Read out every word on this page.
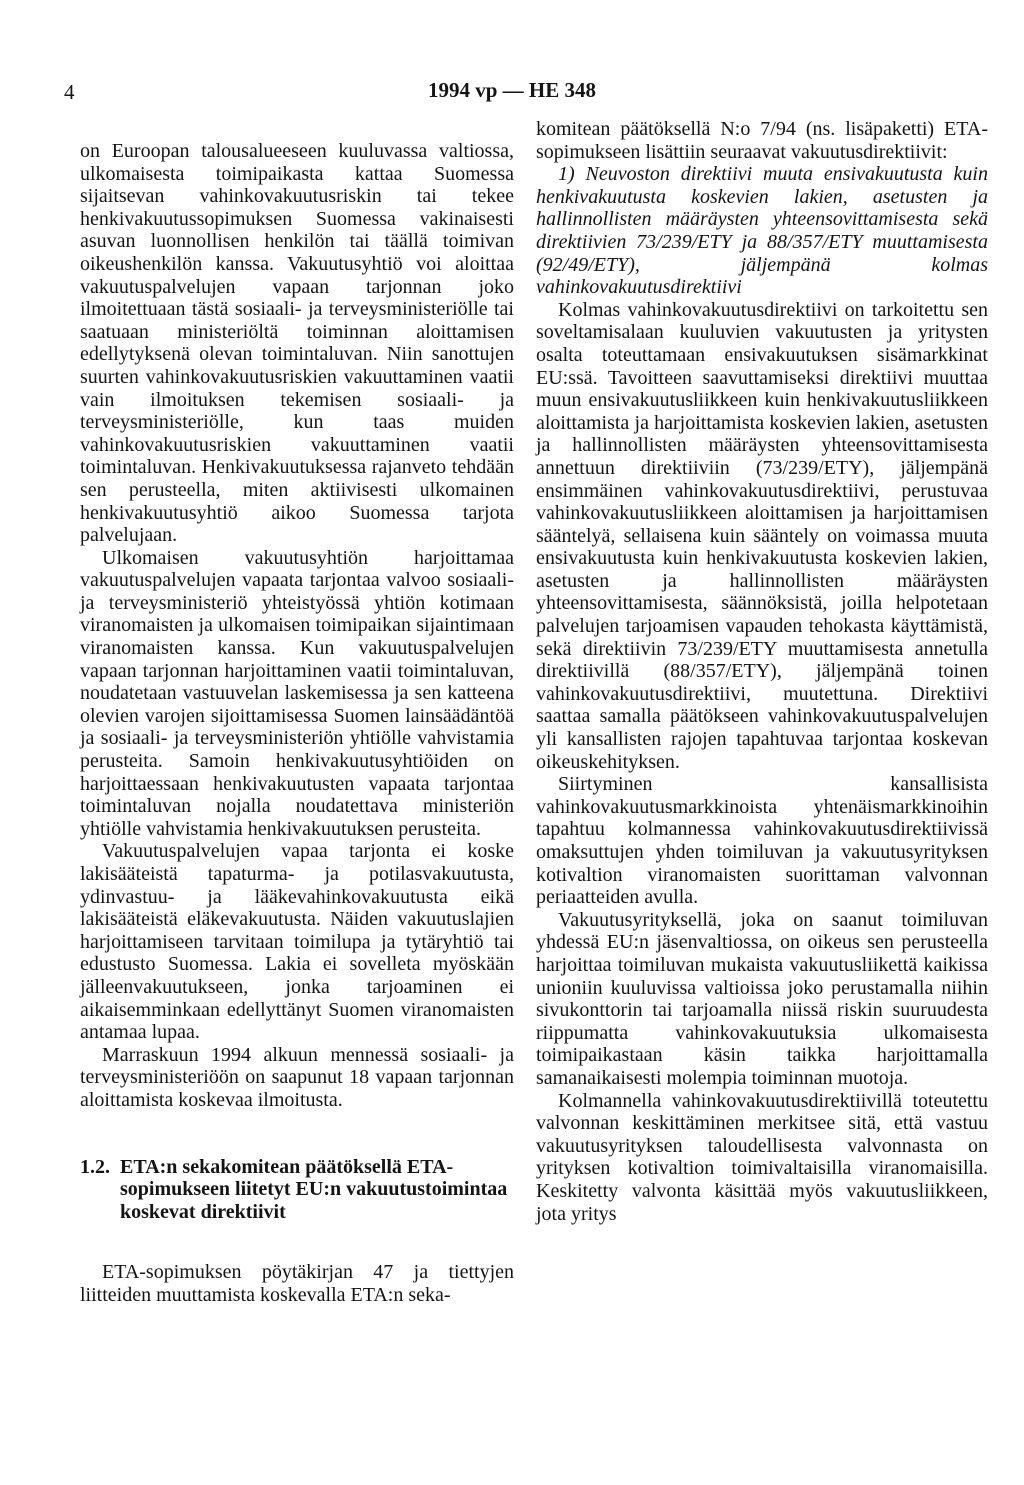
4	1994 vp — HE 348

on Euroopan talousalueeseen kuuluvassa valtiossa, ulkomaisesta toimipaikasta kattaa Suomessa sijaitsevan vahinkovakuutusriskin tai tekee henkivakuutussopimuksen Suomessa vakinaisesti asuvan luonnollisen henkilön tai täällä toimivan oikeushenkilön kanssa. Vakuutusyhtiö voi aloittaa vakuutuspalvelujen vapaan tarjonnan joko ilmoitettuaan tästä sosiaali- ja terveysministeriölle tai saatuaan ministeriöltä toiminnan aloittamisen edellytyksenä olevan toimintaluvan. Niin sanottujen suurten vahinkovakuutusriskien vakuuttaminen vaatii vain ilmoituksen tekemisen sosiaali- ja terveysministeriölle, kun taas muiden vahinkovakuutusriskien vakuuttaminen vaatii toimintaluvan. Henkivakuutuksessa rajanveto tehdään sen perusteella, miten aktiivisesti ulkomainen henkivakuutusyhtiö aikoo Suomessa tarjota palvelujaan.

Ulkomaisen vakuutusyhtiön harjoittamaa vakuutuspalvelujen vapaata tarjontaa valvoo sosiaali- ja terveysministeriö yhteistyössä yhtiön kotimaan viranomaisten ja ulkomaisen toimipaikan sijaintimaan viranomaisten kanssa. Kun vakuutuspalvelujen vapaan tarjonnan harjoittaminen vaatii toimintaluvan, noudatetaan vastuuvelan laskemisessa ja sen katteena olevien varojen sijoittamisessa Suomen lainsäädäntöä ja sosiaali- ja terveysministeriön yhtiölle vahvistamia perusteita. Samoin henkivakuutusyhtiöiden on harjoittaessaan henkivakuutusten vapaata tarjontaa toimintaluvan nojalla noudatettava ministeriön yhtiölle vahvistamia henkivakuutuksen perusteita.

Vakuutuspalvelujen vapaa tarjonta ei koske lakisääteistä tapaturma- ja potilasvakuutusta, ydinvastuu- ja lääkevahinkovakuutusta eikä lakisääteistä eläkevakuutusta. Näiden vakuutuslajien harjoittamiseen tarvitaan toimilupa ja tytäryhtiö tai edustusto Suomessa. Lakia ei sovelleta myöskään jälleenvakuutukseen, jonka tarjoaminen ei aikaisemminkaan edellyttänyt Suomen viranomaisten antamaa lupaa.

Marraskuun 1994 alkuun mennessä sosiaali- ja terveysministeriöön on saapunut 18 vapaan tarjonnan aloittamista koskevaa ilmoitusta.

1.2. ETA:n sekakomitean päätöksellä ETA-sopimukseen liitetyt EU:n vakuutustoimintaa koskevat direktiivit

ETA-sopimuksen pöytäkirjan 47 ja tiettyjen liitteiden muuttamista koskevalla ETA:n seka-

komitean päätöksellä N:o 7/94 (ns. lisäpaketti) ETA-sopimukseen lisättiin seuraavat vakuutusdirektiivit:

1) Neuvoston direktiivi muuta ensivakuutusta kuin henkivakuutusta koskevien lakien, asetusten ja hallinnollisten määräysten yhteensovittamisesta sekä direktiivien 73/239/ETY ja 88/357/ETY muuttamisesta (92/49/ETY), jäljempänä kolmas vahinkovakuutusdirektiivi

Kolmas vahinkovakuutusdirektiivi on tarkoitettu sen soveltamisalaan kuuluvien vakuutusten ja yritysten osalta toteuttamaan ensivakuutuksen sisämarkkinat EU:ssä. Tavoitteen saavuttamiseksi direktiivi muuttaa muun ensivakuutusliikkeen kuin henkivakuutusliikkeen aloittamista ja harjoittamista koskevien lakien, asetusten ja hallinnollisten määräysten yhteensovittamisesta annettuun direktiiviin (73/239/ETY), jäljempänä ensimmäinen vahinkovakuutusdirektiivi, perustuvaa vahinkovakuutusliikkeen aloittamisen ja harjoittamisen sääntelyä, sellaisena kuin sääntely on voimassa muuta ensivakuutusta kuin henkivakuutusta koskevien lakien, asetusten ja hallinnollisten määräysten yhteensovittamisesta, säännöksistä, joilla helpotetaan palvelujen tarjoamisen vapauden tehokasta käyttämistä, sekä direktiivin 73/239/ETY muuttamisesta annetulla direktiivillä (88/357/ETY), jäljempänä toinen vahinkovakuutusdirektiivi, muutettuna. Direktiivi saattaa samalla päätökseen vahinkovakuutuspalvelujen yli kansallisten rajojen tapahtuvaa tarjontaa koskevan oikeuskehityksen.

Siirtyminen kansallisista vahinkovakuutusmarkkinoista yhtenäismarkkinoihin tapahtuu kolmannessa vahinkovakuutusdirektiivissä omaksuttujen yhden toimiluvan ja vakuutusyrityksen kotivaltion viranomaisten suorittaman valvonnan periaatteiden avulla.

Vakuutusyrityksellä, joka on saanut toimiluvan yhdessä EU:n jäsenvaltiossa, on oikeus sen perusteella harjoittaa toimiluvan mukaista vakuutusliikettä kaikissa unioniin kuuluvissa valtioissa joko perustamalla niihin sivukonttorin tai tarjoamalla niissä riskin suuruudesta riippumatta vahinkovakuutuksia ulkomaisesta toimipaikastaan käsin taikka harjoittamalla samanaikaisesti molempia toiminnan muotoja.

Kolmannella vahinkovakuutusdirektiivillä toteutettu valvonnan keskittäminen merkitsee sitä, että vastuu vakuutusyrityksen taloudellisesta valvonnasta on yrityksen kotivaltion toimivaltaisilla viranomaisilla. Keskitetty valvonta käsittää myös vakuutusliikkeen, jota yritys
